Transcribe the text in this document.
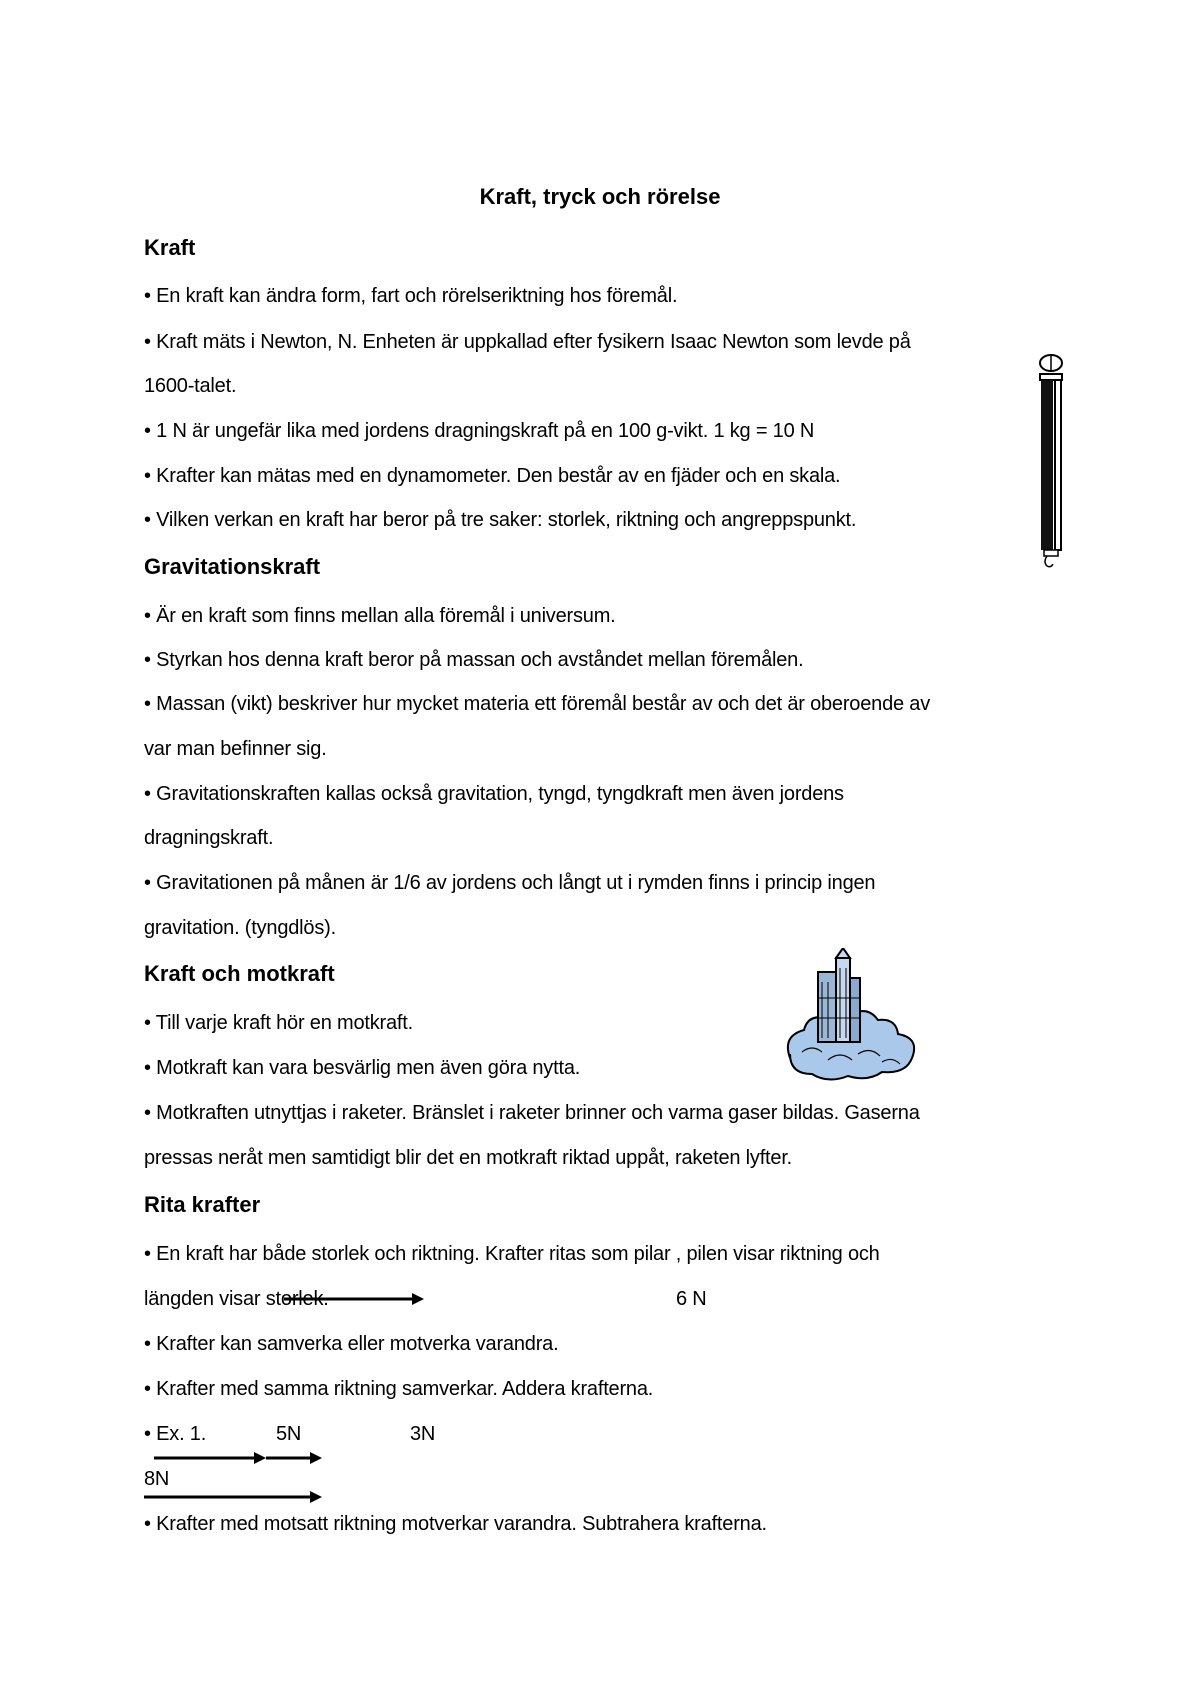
Kraft, tryck och rörelse
Kraft
• En kraft kan ändra form, fart och rörelseriktning hos föremål.
• Kraft mäts i Newton, N. Enheten är uppkallad efter fysikern Isaac Newton som levde på
1600-talet.
• 1 N är ungefär lika med jordens dragningskraft på en 100 g-vikt. 1 kg = 10 N
• Krafter kan mätas med en dynamometer. Den består av en fjäder och en skala.
• Vilken verkan en kraft har beror på tre saker: storlek, riktning och angreppspunkt.
Gravitationskraft
• Är en kraft som finns mellan alla föremål i universum.
• Styrkan hos denna kraft beror på massan och avståndet mellan föremålen.
• Massan (vikt) beskriver hur mycket materia ett föremål består av och det är oberoende av
var man befinner sig.
• Gravitationskraften kallas också gravitation, tyngd, tyngdkraft men även jordens
dragningskraft.
• Gravitationen på månen är 1/6 av jordens och långt ut i rymden finns i princip ingen
gravitation. (tyngdlös).
Kraft och motkraft
• Till varje kraft hör en motkraft.
• Motkraft kan vara besvärlig men även göra nytta.
• Motkraften utnyttjas i raketer. Bränslet i raketer brinner och varma gaser bildas. Gaserna
pressas neråt men samtidigt blir det en motkraft riktad uppåt, raketen lyfter.
Rita krafter
• En kraft har både storlek och riktning. Krafter ritas som pilar , pilen visar riktning och
längden visar storlek.	6 N
• Krafter kan samverka eller motverka varandra.
• Krafter med samma riktning samverkar. Addera krafterna.
• Ex. 1.	5N	3N
8N
• Krafter med motsatt riktning motverkar varandra. Subtrahera krafterna.
